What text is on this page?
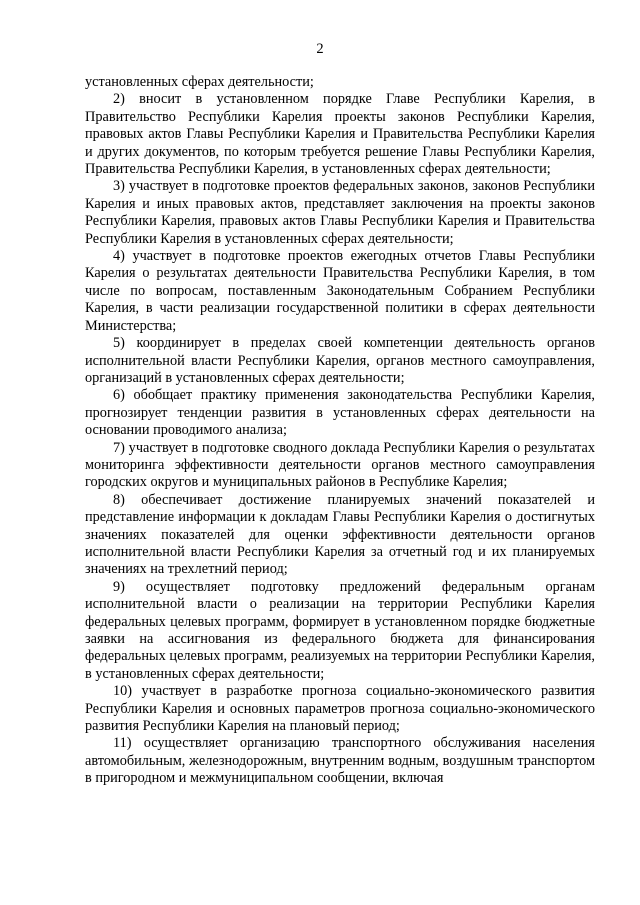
2

установленных сферах деятельности;

2) вносит в установленном порядке Главе Республики Карелия, в Правительство Республики Карелия проекты законов Республики Карелия, правовых актов Главы Республики Карелия и Правительства Республики Карелия и других документов, по которым требуется решение Главы Республики Карелия, Правительства Республики Карелия, в установленных сферах деятельности;

3) участвует в подготовке проектов федеральных законов, законов Республики Карелия и иных правовых актов, представляет заключения на проекты законов Республики Карелия, правовых актов Главы Республики Карелия и Правительства Республики Карелия в установленных сферах деятельности;

4) участвует в подготовке проектов ежегодных отчетов Главы Республики Карелия о результатах деятельности Правительства Республики Карелия, в том числе по вопросам, поставленным Законодательным Собранием Республики Карелия, в части реализации государственной политики в сферах деятельности Министерства;

5) координирует в пределах своей компетенции деятельность органов исполнительной власти Республики Карелия, органов местного самоуправления, организаций в установленных сферах деятельности;

6) обобщает практику применения законодательства Республики Карелия, прогнозирует тенденции развития в установленных сферах деятельности на основании проводимого анализа;

7) участвует в подготовке сводного доклада Республики Карелия о результатах мониторинга эффективности деятельности органов местного самоуправления городских округов и муниципальных районов в Республике Карелия;

8) обеспечивает достижение планируемых значений показателей и представление информации к докладам Главы Республики Карелия о достигнутых значениях показателей для оценки эффективности деятельности органов исполнительной власти Республики Карелия за отчетный год и их планируемых значениях на трехлетний период;

9) осуществляет подготовку предложений федеральным органам исполнительной власти о реализации на территории Республики Карелия федеральных целевых программ, формирует в установленном порядке бюджетные заявки на ассигнования из федерального бюджета для финансирования федеральных целевых программ, реализуемых на территории Республики Карелия, в установленных сферах деятельности;

10) участвует в разработке прогноза социально-экономического развития Республики Карелия и основных параметров прогноза социально-экономического развития Республики Карелия на плановый период;

11) осуществляет организацию транспортного обслуживания населения автомобильным, железнодорожным, внутренним водным, воздушным транспортом в пригородном и межмуниципальном сообщении, включая
